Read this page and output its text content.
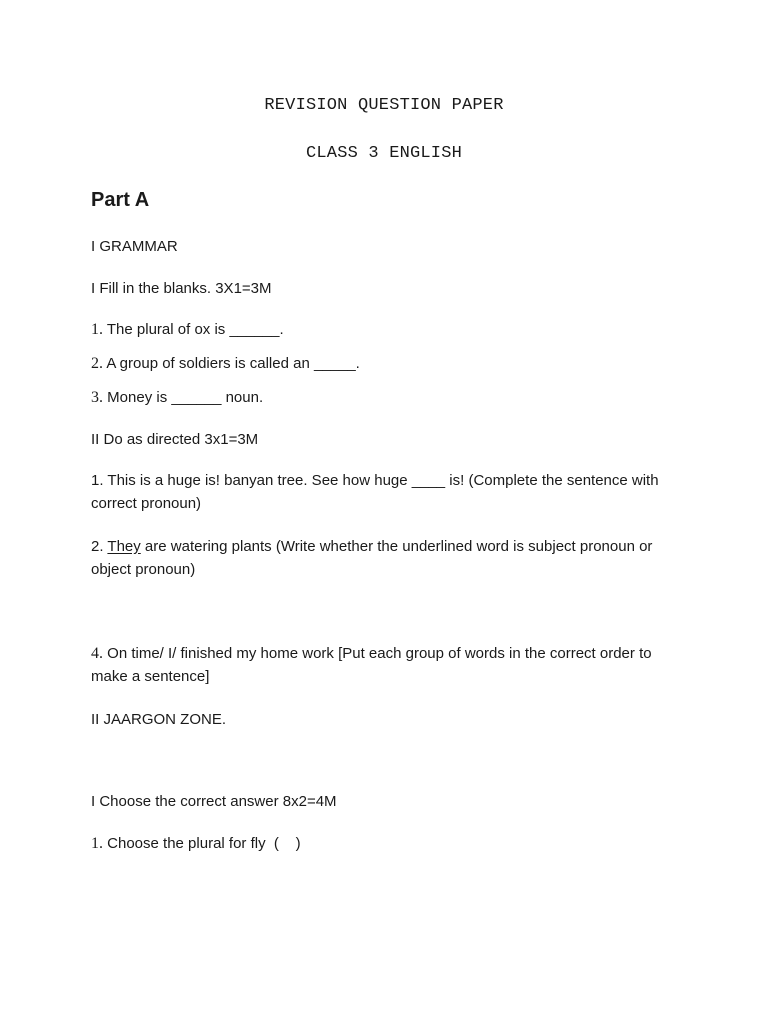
REVISION QUESTION PAPER
CLASS 3 ENGLISH
Part A
I GRAMMAR
I Fill in the blanks. 3X1=3M
1. The plural of ox is ______.
2. A group of soldiers is called an _____.
3. Money is ______ noun.
II Do as directed 3x1=3M
1. This is a huge is! banyan tree. See how huge ____ is! (Complete the sentence with correct pronoun)
2. They are watering plants (Write whether the underlined word is subject pronoun or object pronoun)
4. On time/ I/ finished my home work [Put each group of words in the correct order to make a sentence]
II JAARGON ZONE.
I Choose the correct answer 8x2=4M
1. Choose the plural for fly  (    )
